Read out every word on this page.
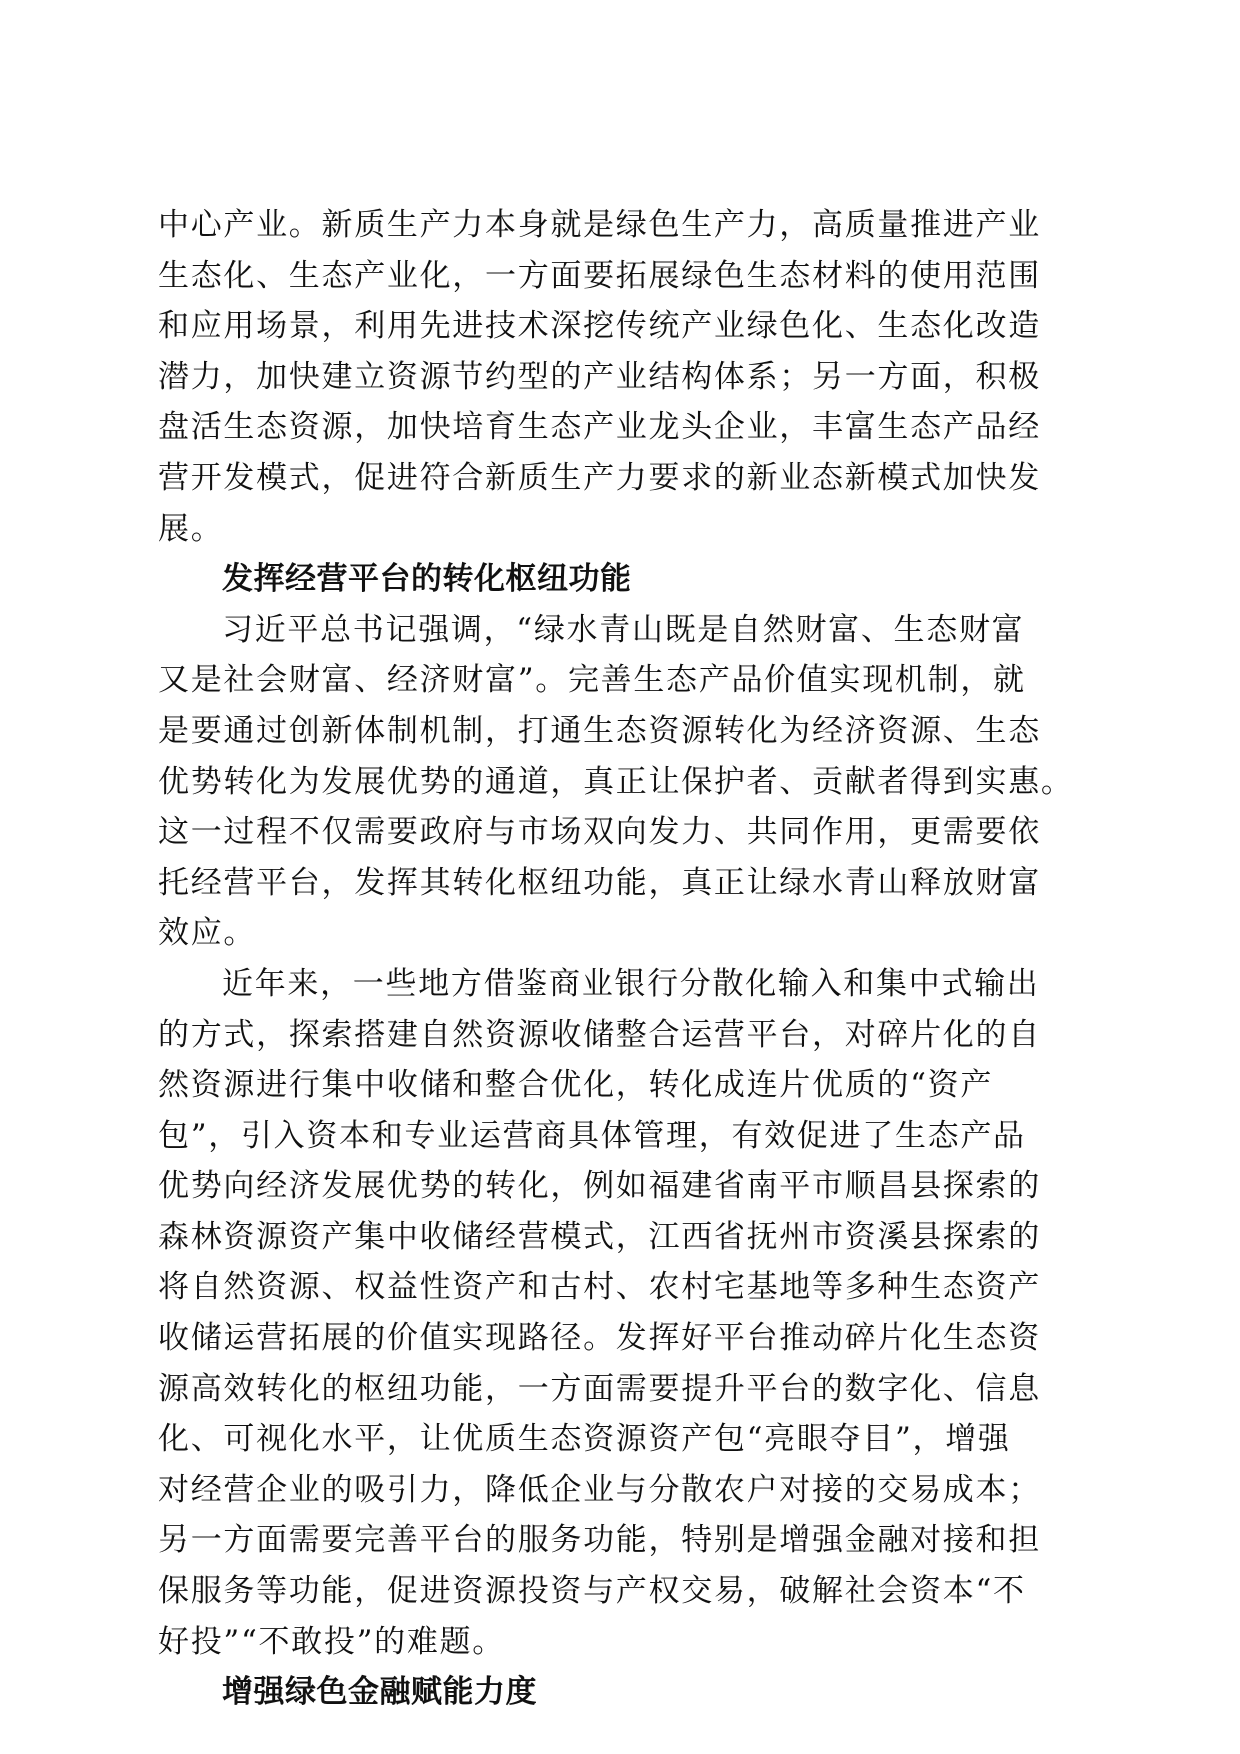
中心产业。新质生产力本身就是绿色生产力，高质量推进产业
生态化、生态产业化，一方面要拓展绿色生态材料的使用范围
和应用场景，利用先进技术深挖传统产业绿色化、生态化改造
潜力，加快建立资源节约型的产业结构体系；另一方面，积极
盘活生态资源，加快培育生态产业龙头企业，丰富生态产品经
营开发模式，促进符合新质生产力要求的新业态新模式加快发
展。
发挥经营平台的转化枢纽功能
习近平总书记强调，“绿水青山既是自然财富、生态财富
又是社会财富、经济财富”。完善生态产品价值实现机制，就
是要通过创新体制机制，打通生态资源转化为经济资源、生态
优势转化为发展优势的通道，真正让保护者、贡献者得到实惠。
这一过程不仅需要政府与市场双向发力、共同作用，更需要依
托经营平台，发挥其转化枢纽功能，真正让绿水青山释放财富
效应。
近年来，一些地方借鉴商业银行分散化输入和集中式输出
的方式，探索搭建自然资源收储整合运营平台，对碎片化的自
然资源进行集中收储和整合优化，转化成连片优质的“资产
包”，引入资本和专业运营商具体管理，有效促进了生态产品
优势向经济发展优势的转化，例如福建省南平市顺昌县探索的
森林资源资产集中收储经营模式，江西省抚州市资溪县探索的
将自然资源、权益性资产和古村、农村宅基地等多种生态资产
收储运营拓展的价值实现路径。发挥好平台推动碎片化生态资
源高效转化的枢纽功能，一方面需要提升平台的数字化、信息
化、可视化水平，让优质生态资源资产包“亮眼夺目”，增强
对经营企业的吸引力，降低企业与分散农户对接的交易成本；
另一方面需要完善平台的服务功能，特别是增强金融对接和担
保服务等功能，促进资源投资与产权交易，破解社会资本“不
好投”“不敢投”的难题。
增强绿色金融赋能力度
